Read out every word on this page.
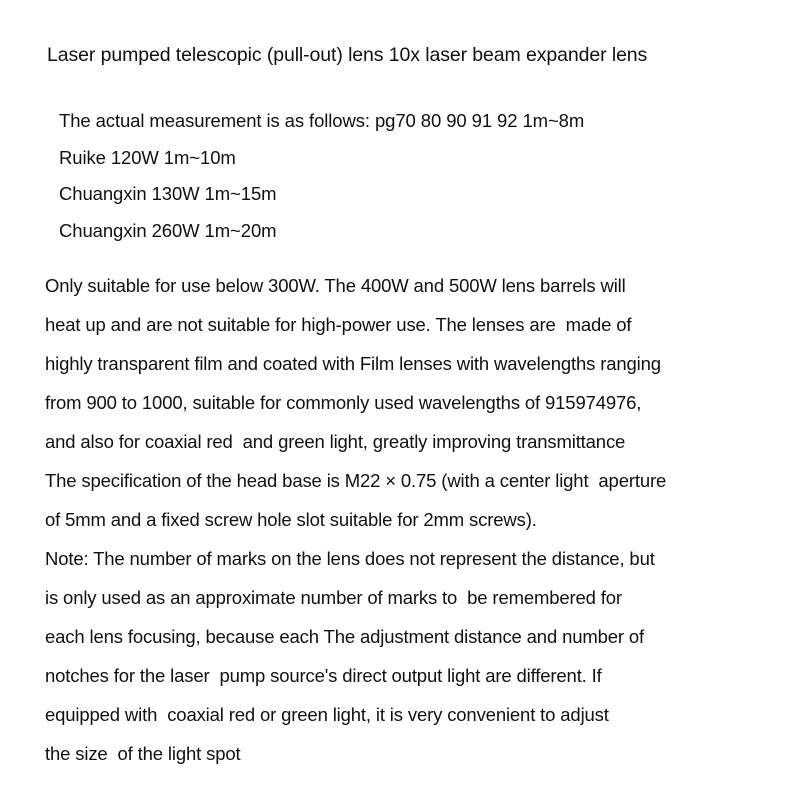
Laser pumped telescopic (pull-out) lens 10x laser beam expander lens
The actual measurement is as follows: pg70 80 90 91 92 1m~8m
Ruike 120W 1m~10m
Chuangxin 130W 1m~15m
Chuangxin 260W 1m~20m
Only suitable for use below 300W. The 400W and 500W lens barrels will
heat up and are not suitable for high-power use. The lenses are  made of
highly transparent film and coated with Film lenses with wavelengths ranging
from 900 to 1000, suitable for commonly used wavelengths of 915974976,
and also for coaxial red  and green light, greatly improving transmittance
The specification of the head base is M22 × 0.75 (with a center light  aperture
of 5mm and a fixed screw hole slot suitable for 2mm screws).
Note: The number of marks on the lens does not represent the distance, but
is only used as an approximate number of marks to  be remembered for
each lens focusing, because each The adjustment distance and number of
notches for the laser  pump source's direct output light are different. If
equipped with  coaxial red or green light, it is very convenient to adjust
the size  of the light spot
